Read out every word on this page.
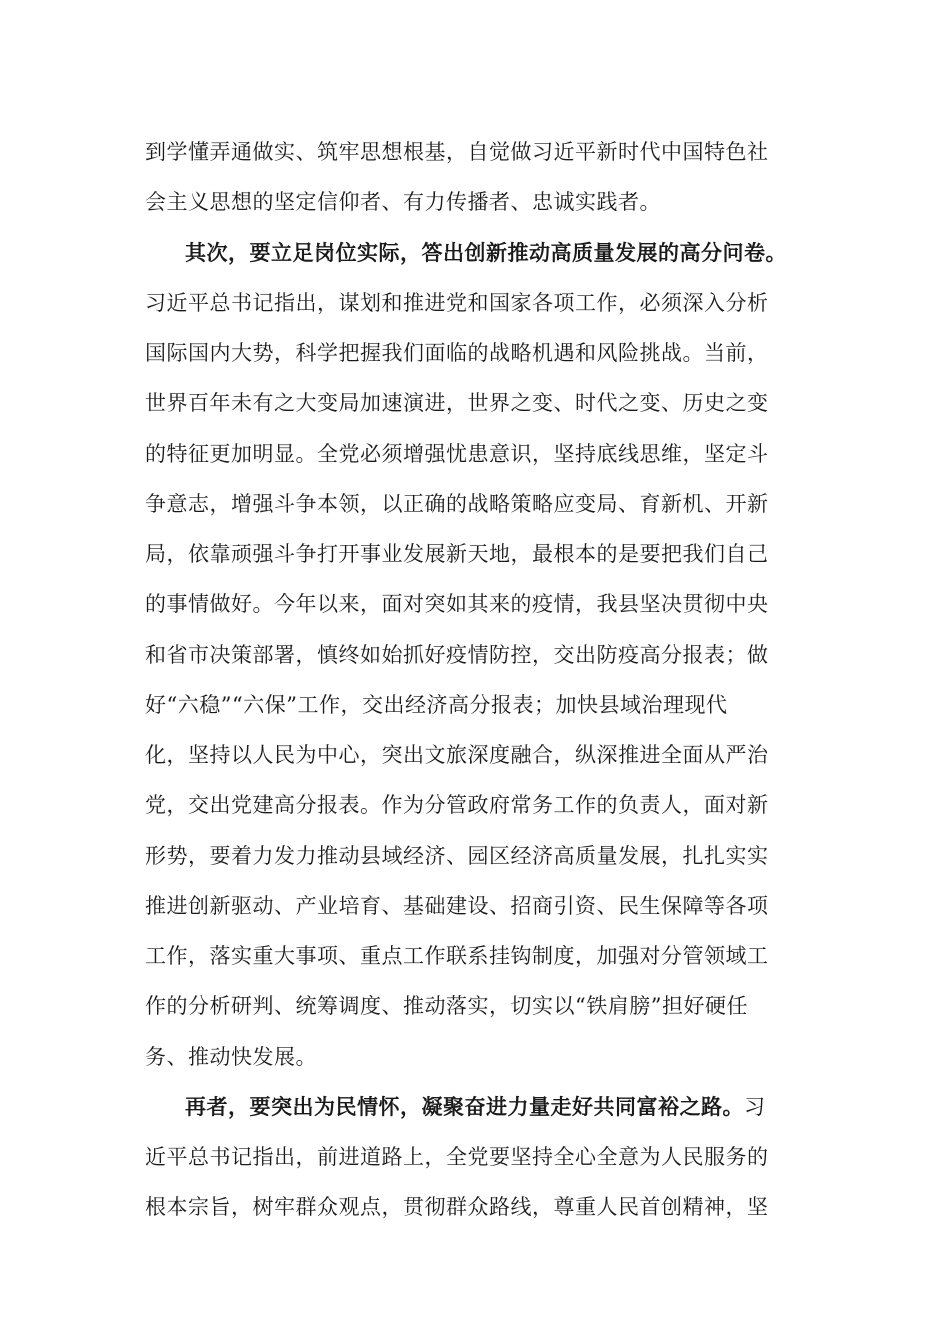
到学懂弄通做实、筑牢思想根基，自觉做习近平新时代中国特色社
会主义思想的坚定信仰者、有力传播者、忠诚实践者。
其次，要立足岗位实际，答出创新推动高质量发展的高分问卷。
习近平总书记指出，谋划和推进党和国家各项工作，必须深入分析
国际国内大势，科学把握我们面临的战略机遇和风险挑战。当前，
世界百年未有之大变局加速演进，世界之变、时代之变、历史之变
的特征更加明显。全党必须增强忧患意识，坚持底线思维，坚定斗
争意志，增强斗争本领，以正确的战略策略应变局、育新机、开新
局，依靠顽强斗争打开事业发展新天地，最根本的是要把我们自己
的事情做好。今年以来，面对突如其来的疫情，我县坚决贯彻中央
和省市决策部署，慎终如始抓好疫情防控，交出防疫高分报表；做
好“六稳”“六保”工作，交出经济高分报表；加快县域治理现代
化，坚持以人民为中心，突出文旅深度融合，纵深推进全面从严治
党，交出党建高分报表。作为分管政府常务工作的负责人，面对新
形势，要着力发力推动县域经济、园区经济高质量发展，扎扎实实
推进创新驱动、产业培育、基础建设、招商引资、民生保障等各项
工作，落实重大事项、重点工作联系挂钩制度，加强对分管领域工
作的分析研判、统筹调度、推动落实，切实以“铁肩膀”担好硬任
务、推动快发展。
再者，要突出为民情怀，凝聚奋进力量走好共同富裕之路。习
近平总书记指出，前进道路上，全党要坚持全心全意为人民服务的
根本宗旨，树牢群众观点，贯彻群众路线，尊重人民首创精神，坚
